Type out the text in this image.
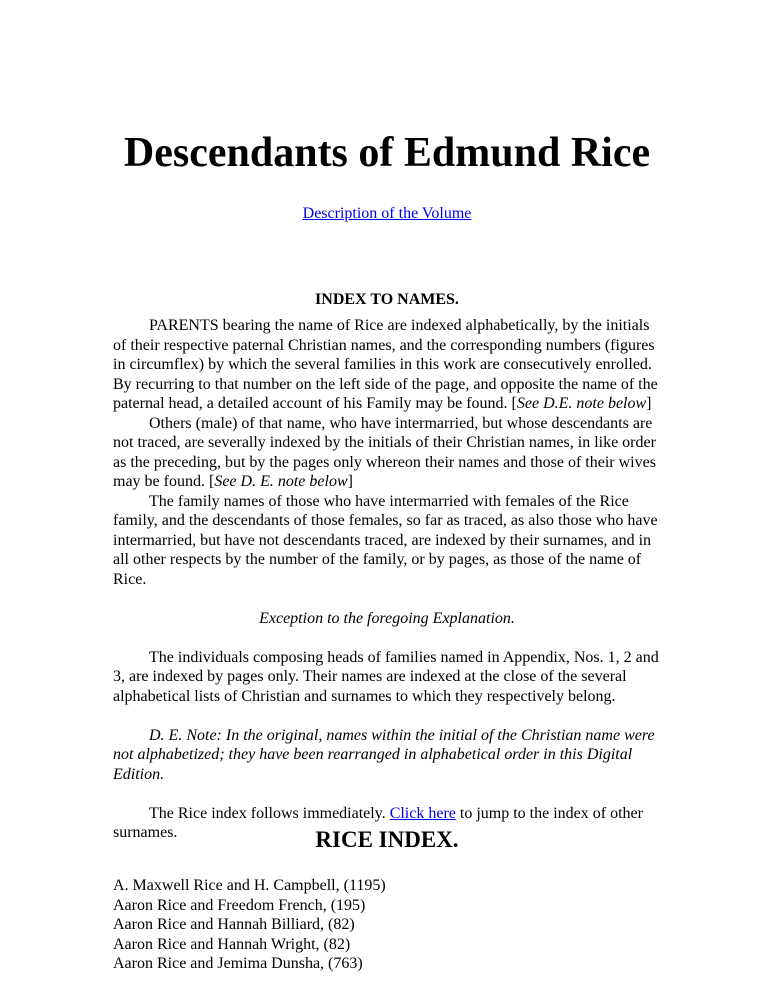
Descendants of Edmund Rice
Description of the Volume
INDEX TO NAMES.

PARENTS bearing the name of Rice are indexed alphabetically, by the initials of their respective paternal Christian names, and the corresponding numbers (figures in circumflex) by which the several families in this work are consecutively enrolled. By recurring to that number on the left side of the page, and opposite the name of the paternal head, a detailed account of his Family may be found. [See D.E. note below]

Others (male) of that name, who have intermarried, but whose descendants are not traced, are severally indexed by the initials of their Christian names, in like order as the preceding, but by the pages only whereon their names and those of their wives may be found. [See D. E. note below]

The family names of those who have intermarried with females of the Rice family, and the descendants of those females, so far as traced, as also those who have intermarried, but have not descendants traced, are indexed by their surnames, and in all other respects by the number of the family, or by pages, as those of the name of Rice.

Exception to the foregoing Explanation.

The individuals composing heads of families named in Appendix, Nos. 1, 2 and 3, are indexed by pages only. Their names are indexed at the close of the several alphabetical lists of Christian and surnames to which they respectively belong.

D. E. Note: In the original, names within the initial of the Christian name were not alphabetized; they have been rearranged in alphabetical order in this Digital Edition.

The Rice index follows immediately. Click here to jump to the index of other surnames.	RICE INDEX.
A. Maxwell Rice and H. Campbell, (1195)
Aaron Rice and Freedom French, (195)
Aaron Rice and Hannah Billiard, (82)
Aaron Rice and Hannah Wright, (82)
Aaron Rice and Jemima Dunsha, (763)
